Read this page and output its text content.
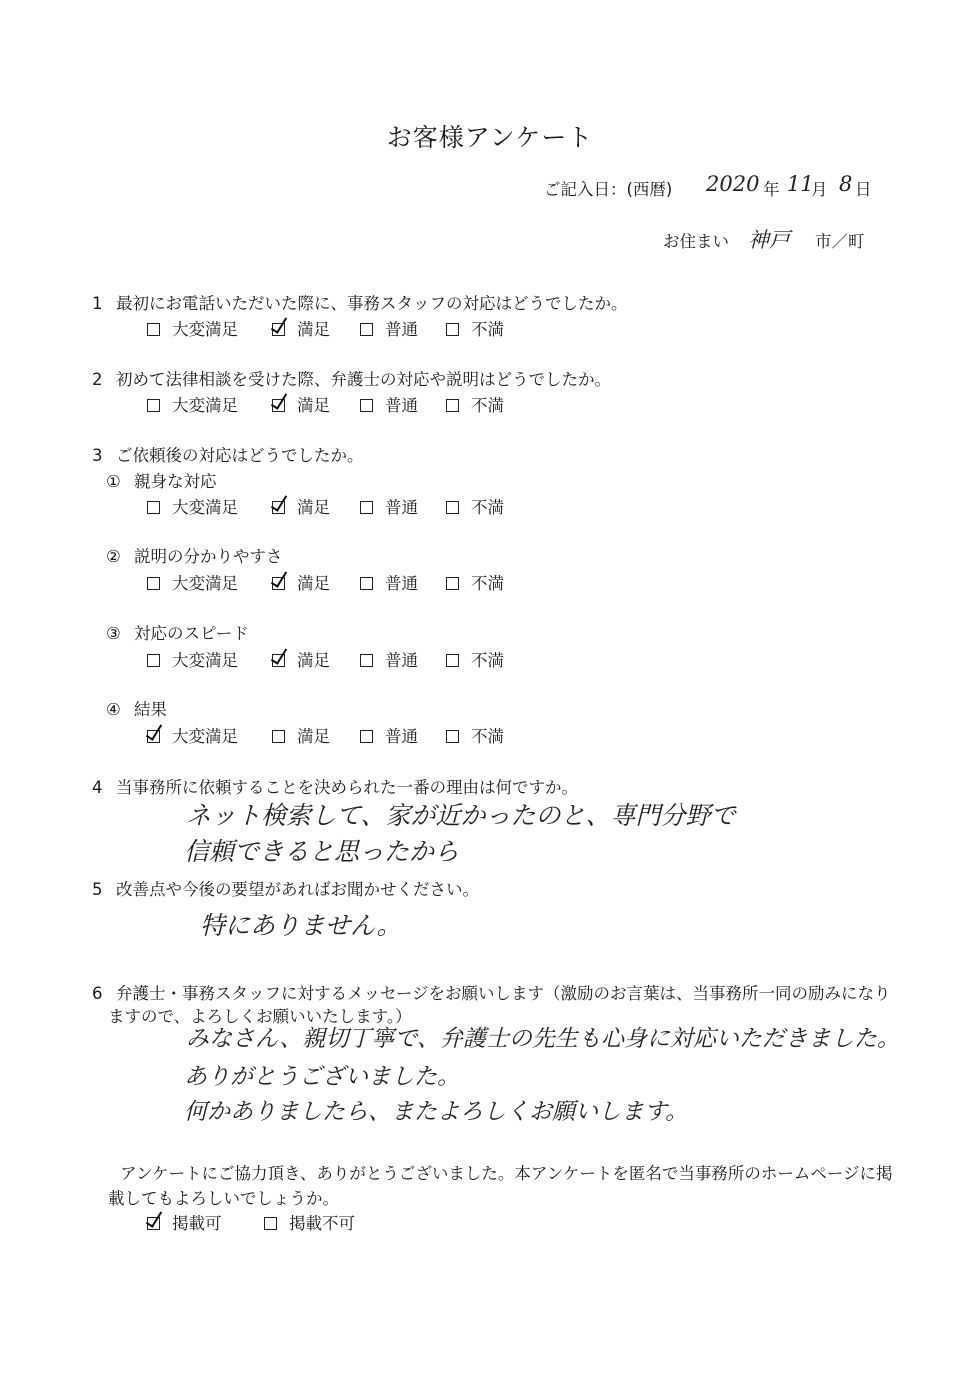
お客様アンケート
ご記入日：(西暦) 2020 年 11
月 8 日
お住まい 神戸 市／町
1 最初にお電話いただいた際に、事務スタッフの対応はどうでしたか。
大変満足	満足	普通	不満
2 初めて法律相談を受けた際、弁護士の対応や説明はどうでしたか。
大変満足	満足	普通	不満
3 ご依頼後の対応はどうでしたか。
① 親身な対応
大変満足	満足	普通	不満
② 説明の分かりやすさ
大変満足	満足	普通	不満
③ 対応のスピード
大変満足	満足	普通	不満
④ 結果
大変満足	満足	普通	不満
4 当事務所に依頼することを決められた一番の理由は何ですか。
ネット検索して、家が近かったのと、専門分野で
信頼できると思ったから
5 改善点や今後の要望があればお聞かせください。
特にありません。
6 弁護士・事務スタッフに対するメッセージをお願いします（激励のお言葉は、当事務所一同の励みになり
ますので、よろしくお願いいたします。）
みなさん、親切丁寧で、弁護士の先生も心身に対応いただきました。
ありがとうございました。
何かありましたら、またよろしくお願いします。
アンケートにご協力頂き、ありがとうございました。本アンケートを匿名で当事務所のホームページに掲
載してもよろしいでしょうか。
掲載可	掲載不可
